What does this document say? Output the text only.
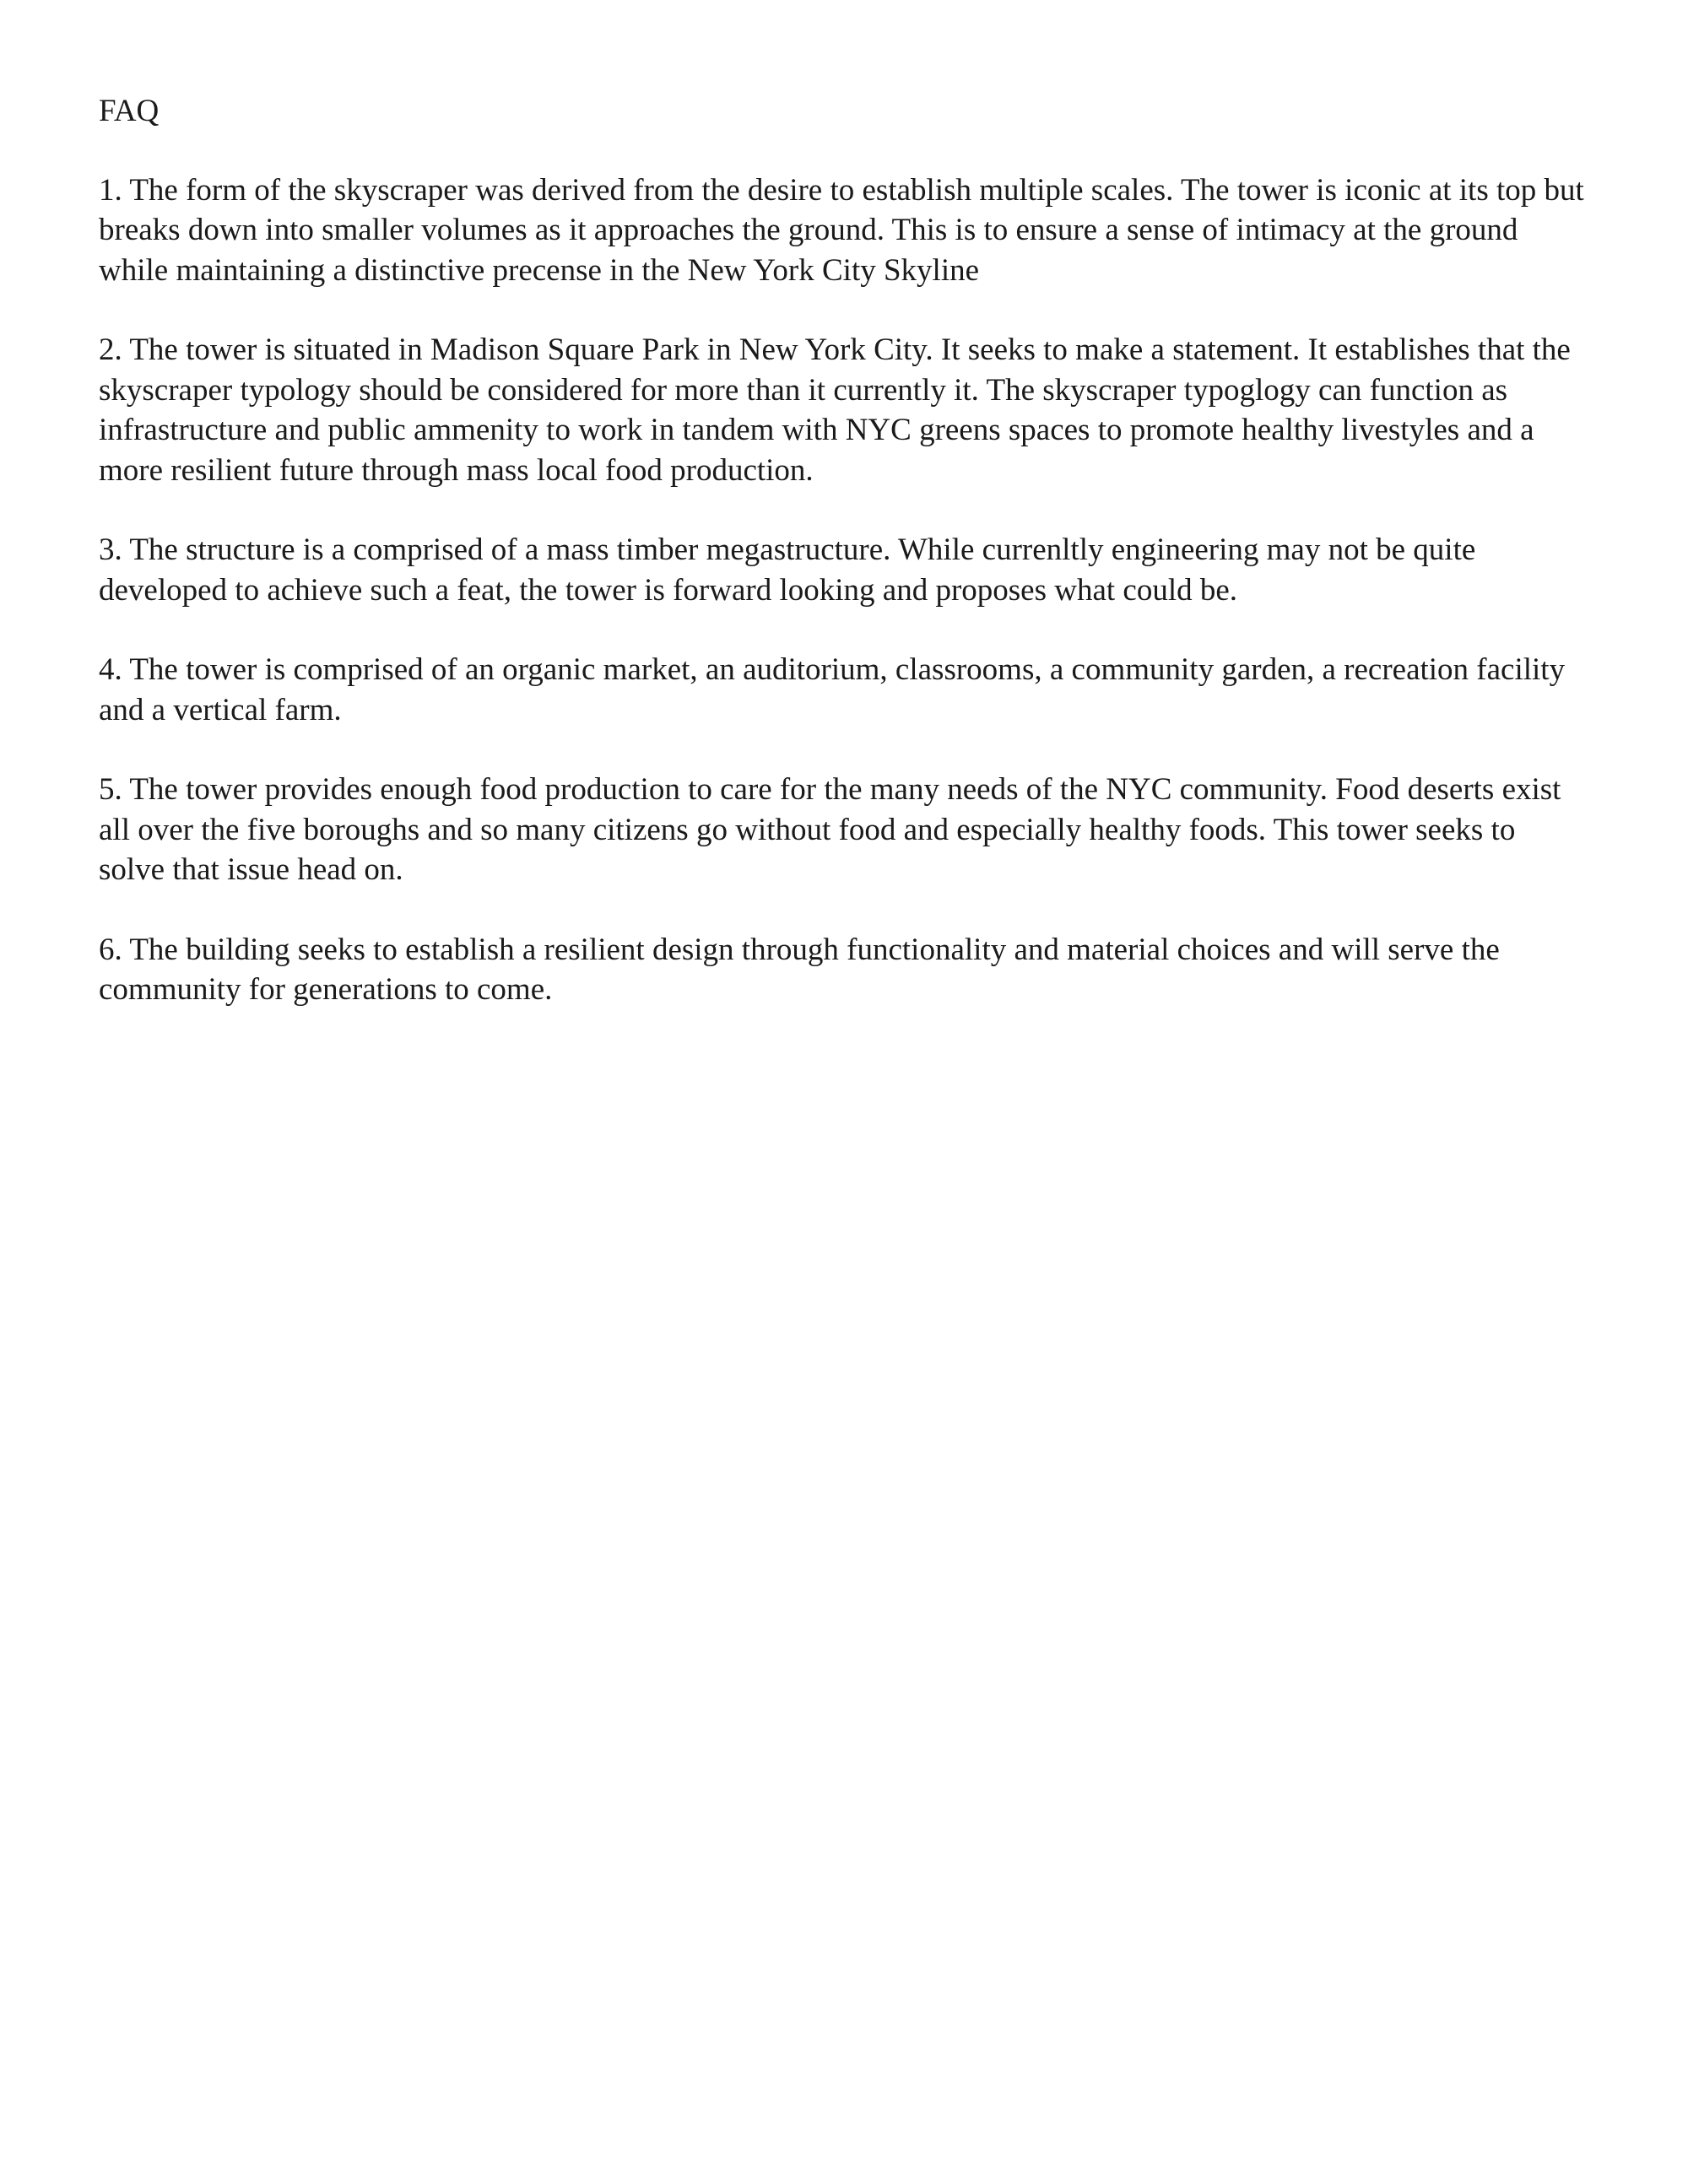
FAQ

1. The form of the skyscraper was derived from the desire to establish multiple scales. The tower is iconic at its top but breaks down into smaller volumes as it approaches the ground. This is to ensure a sense of intimacy at the ground while maintaining a distinctive precense in the New York City Skyline

2. The tower is situated in Madison Square Park in New York City. It seeks to make a statement. It establishes that the skyscraper typology should be considered for more than it currently it. The skyscraper typoglogy can function as infrastructure and public ammenity to work in tandem with NYC greens spaces to promote healthy livestyles and a more resilient future through mass local food production.

3. The structure is a comprised of a mass timber megastructure. While currenltly engineering may not be quite developed to achieve such a feat, the tower is forward looking and proposes what could be.

4. The tower is comprised of an organic market, an auditorium, classrooms, a community garden, a recreation facility and a vertical farm.

5. The tower provides enough food production to care for the many needs of the NYC community. Food deserts exist all over the five boroughs and so many citizens go without food and especially healthy foods. This tower seeks to solve that issue head on.

6. The building seeks to establish a resilient design through functionality and material choices and will serve the community for generations to come.
